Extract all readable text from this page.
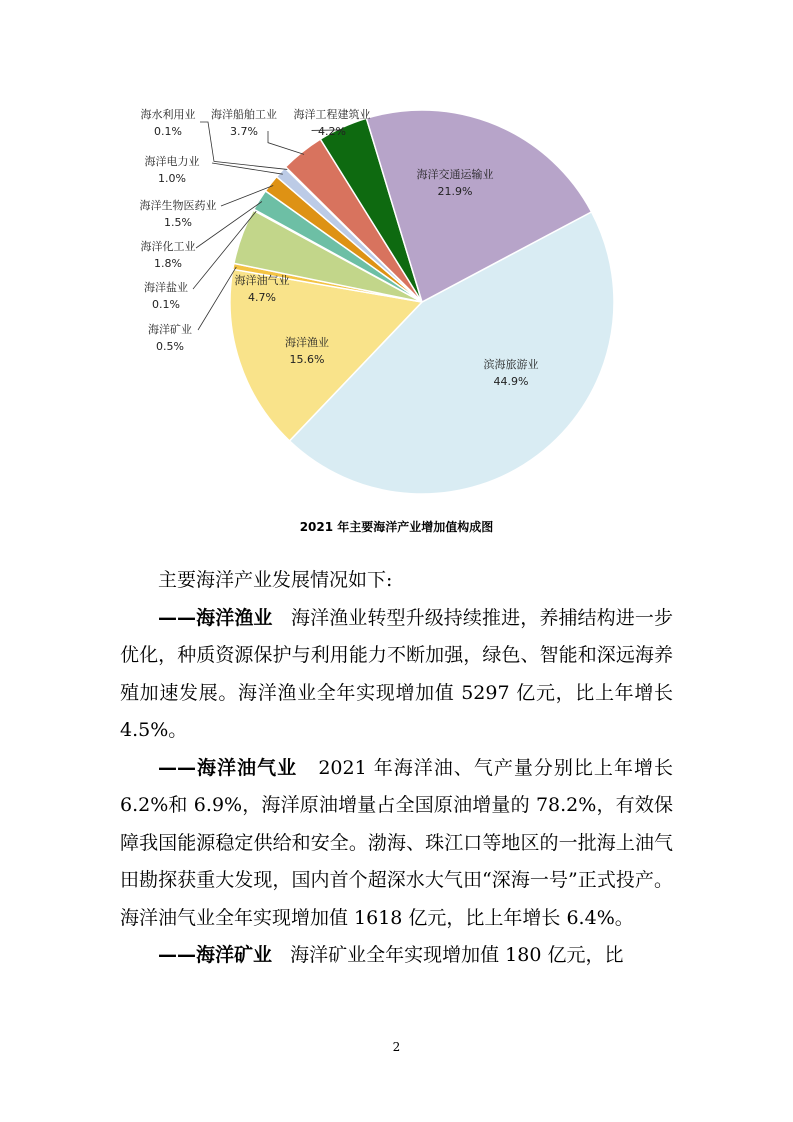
滨海旅游业
44.9%
海洋渔业
15.6%
海洋矿业
0.5%
海洋油气业
4.7%
海洋盐业
0.1%
海洋化工业
1.8%
海洋生物医药业
1.5%
海洋电力业
1.0%
海水利用业
0.1%
海洋船舶工业
3.7%
海洋工程建筑业
4.2%
海洋交通运输业
21.9%
2021 年主要海洋产业增加值构成图

主要海洋产业发展情况如下:

——海洋渔业 海洋渔业转型升级持续推进，养捕结构进一步优化，种质资源保护与利用能力不断加强，绿色、智能和深远海养殖加速发展。海洋渔业全年实现增加值 5297 亿元，比上年增长 4.5%。

——海洋油气业 2021 年海洋油、气产量分别比上年增长 6.2%和 6.9%，海洋原油增量占全国原油增量的 78.2%，有效保障我国能源稳定供给和安全。渤海、珠江口等地区的一批海上油气田勘探获重大发现，国内首个超深水大气田“深海一号”正式投产。海洋油气业全年实现增加值 1618 亿元，比上年增长 6.4%。

——海洋矿业 海洋矿业全年实现增加值 180 亿元，比

2
